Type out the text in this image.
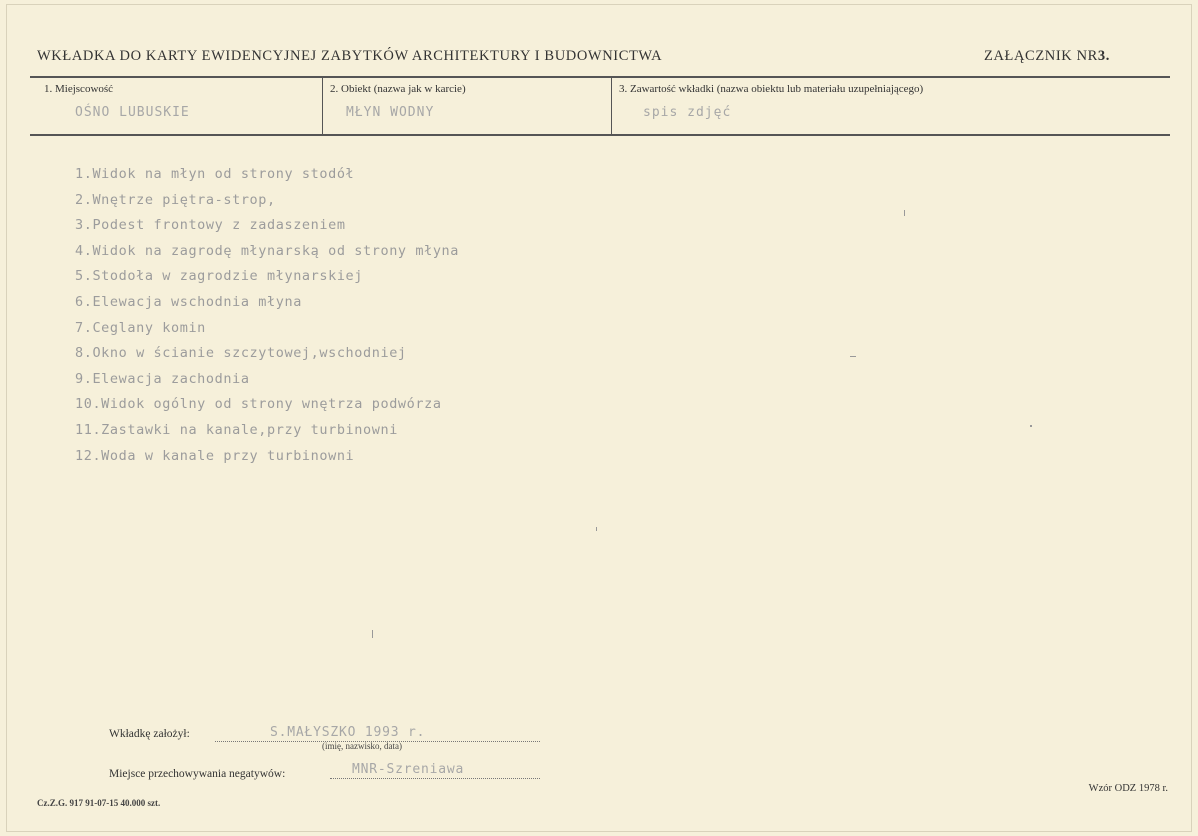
WKŁADKA DO KARTY EWIDENCYJNEJ ZABYTKÓW ARCHITEKTURY I BUDOWNICTWA	ZAŁĄCZNIK NR3.
1. Miejscowość
OŚNO LUBUSKIE
2. Obiekt (nazwa jak w karcie)
MŁYN WODNY
3. Zawartość wkładki (nazwa obiektu lub materiału uzupełniającego)
spis zdjęć
1.Widok na młyn od strony stodół
2.Wnętrze piętra-strop,
3.Podest frontowy z zadaszeniem
4.Widok na zagrodę młynarską od strony młyna
5.Stodoła w zagrodzie młynarskiej
6.Elewacja wschodnia młyna
7.Ceglany komin
8.Okno w ścianie szczytowej,wschodniej
9.Elewacja zachodnia
10.Widok ogólny od strony wnętrza podwórza
11.Zastawki na kanale,przy turbinowni
12.Woda w kanale przy turbinowni
Wkładkę założył:	S.MAŁYSZKO 1993 r.
(imię, nazwisko, data)
Miejsce przechowywania negatywów:	MNR-Szreniawa
Cz.Z.G. 917 91-07-15 40.000 szt.
Wzór ODZ 1978 r.
